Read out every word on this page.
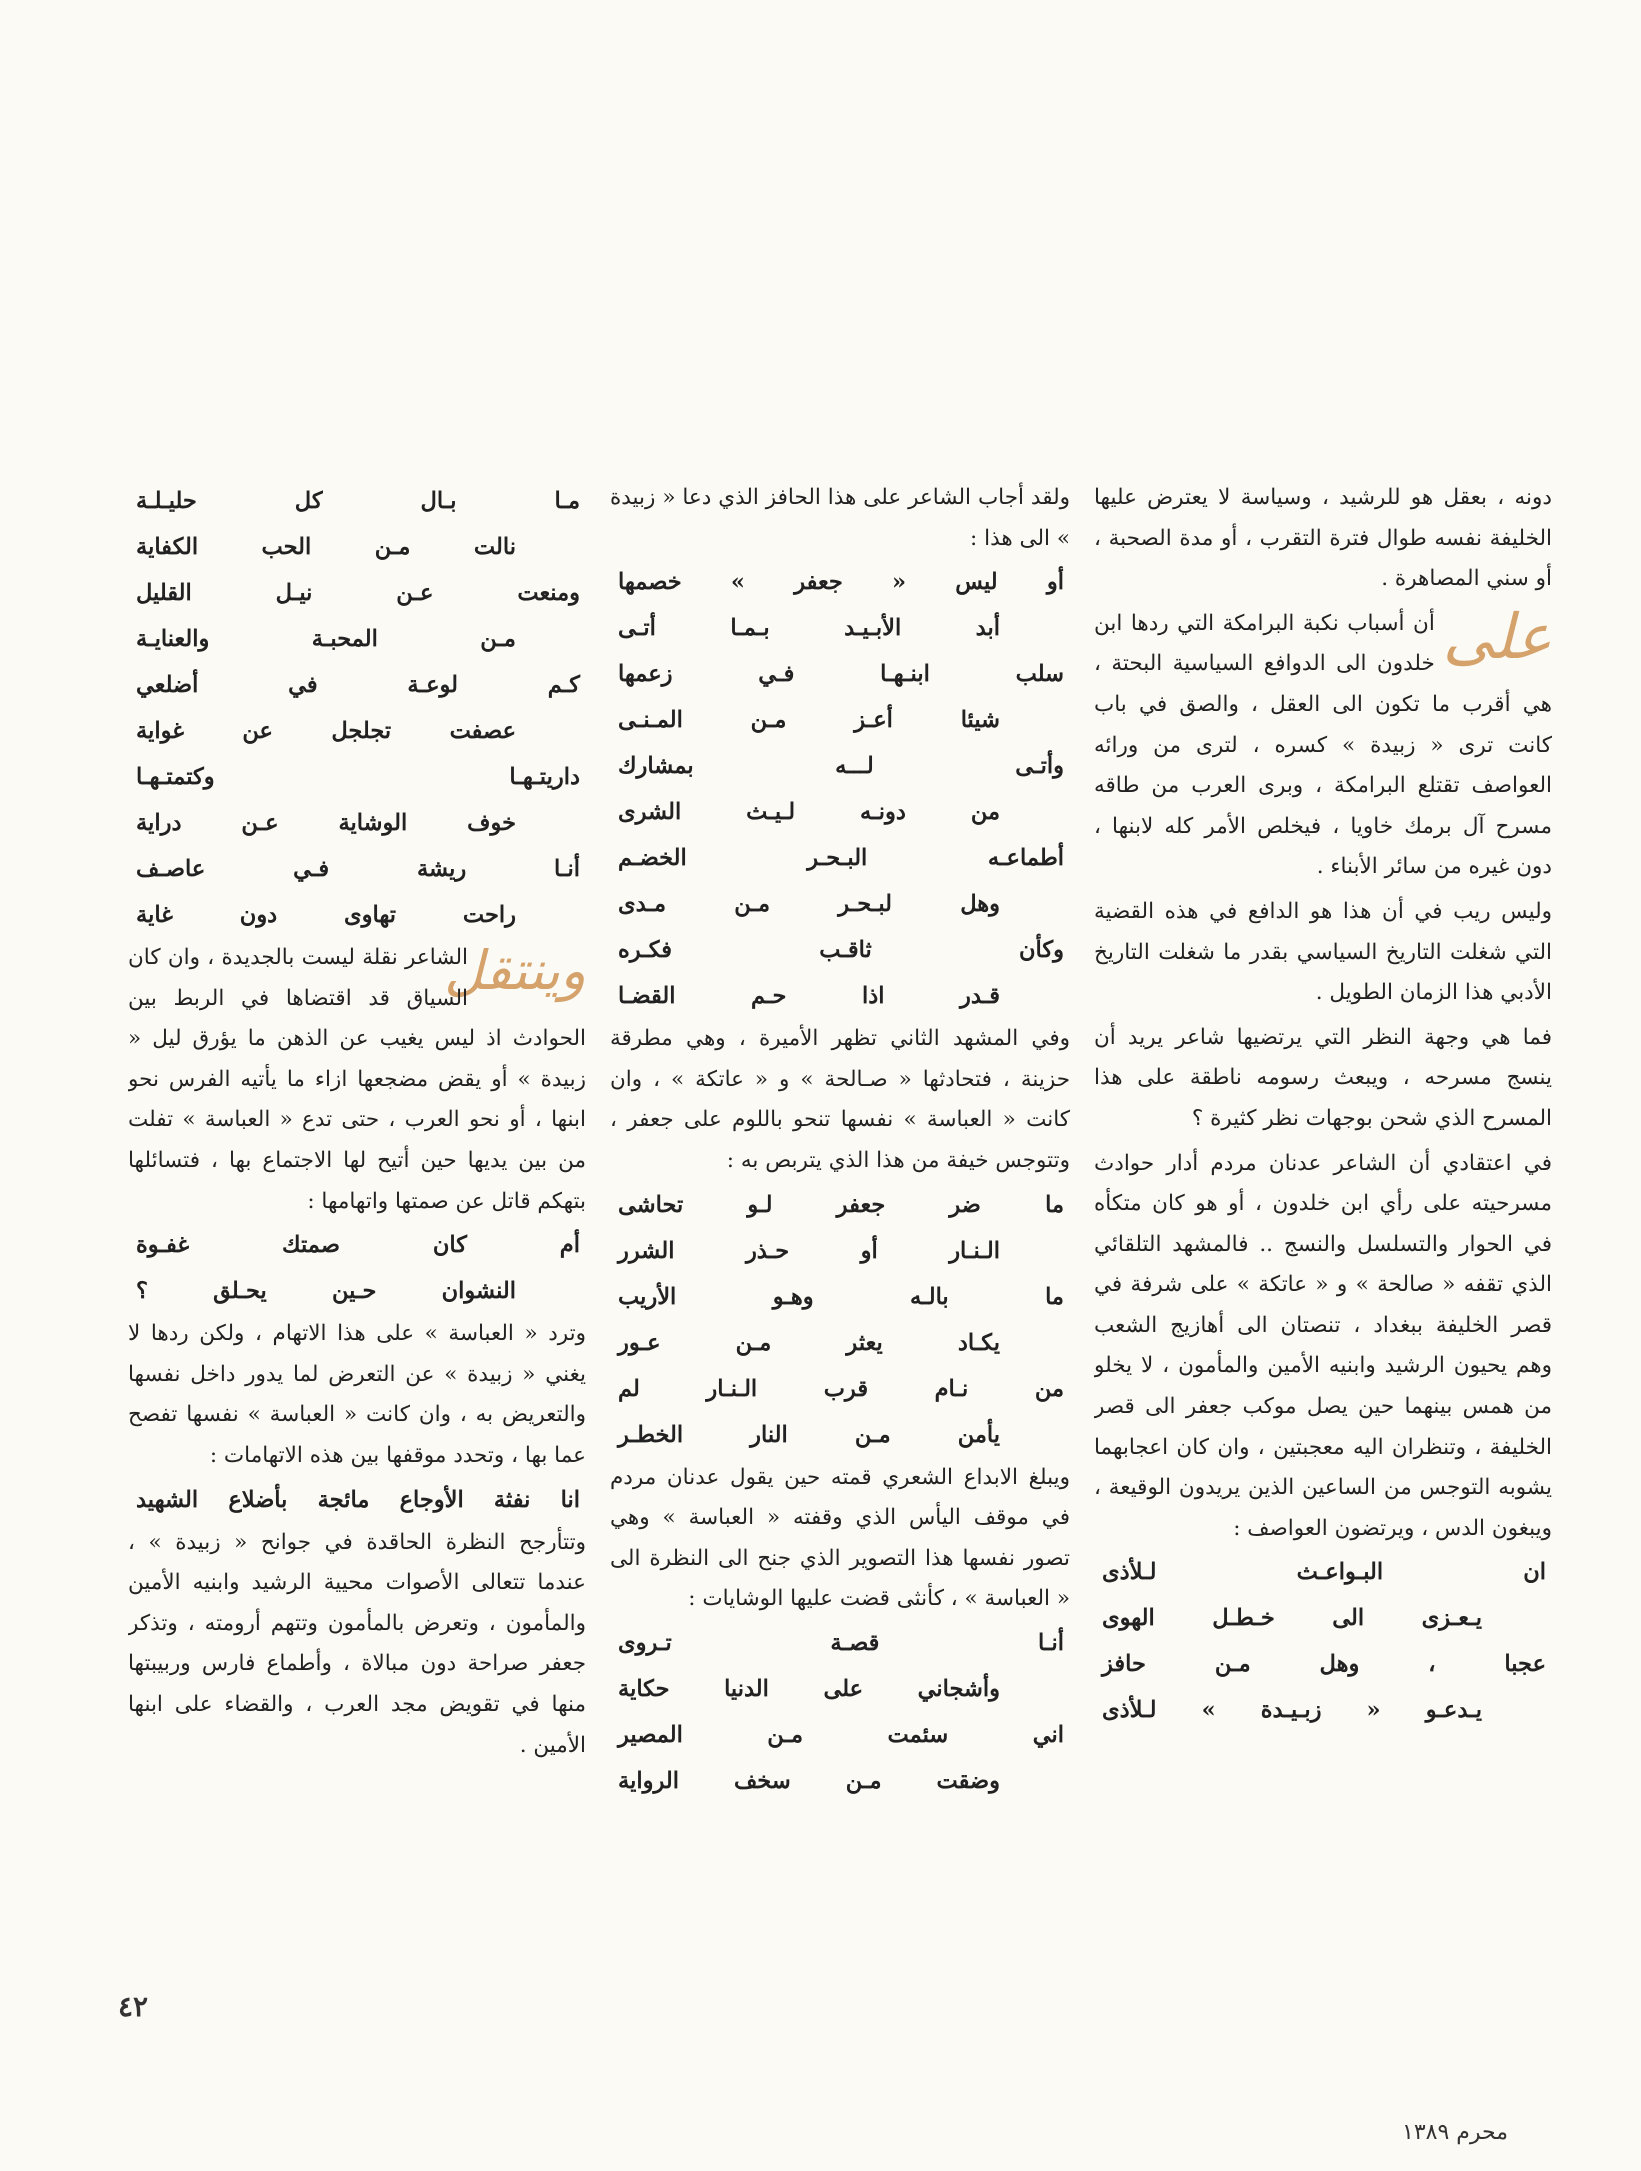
دونه ، بعقل هو للرشيد ، وسياسة لا يعترض عليها الخليفة نفسه طوال فترة التقرب ، أو مدة الصحبة ، أو سني المصاهرة .

على
أن أسباب نكبة البرامكة التي ردها ابن خلدون الى الدوافع السياسية البحتة ، هي أقرب ما تكون الى العقل ، والصق في باب كانت ترى « زبيدة » كسره ، لترى من ورائه العواصف تقتلع البرامكة ، وبرى العرب من طاقه مسرح آل برمك خاويا ، فيخلص الأمر كله لابنها ، دون غيره من سائر الأبناء .

وليس ريب في أن هذا هو الدافع في هذه القضية التي شغلت التاريخ السياسي بقدر ما شغلت التاريخ الأدبي هذا الزمان الطويل .

فما هي وجهة النظر التي يرتضيها شاعر يريد أن ينسج مسرحه ، ويبعث رسومه ناطقة على هذا المسرح الذي شحن بوجهات نظر كثيرة ؟

في اعتقادي أن الشاعر عدنان مردم أدار حوادث مسرحيته على رأي ابن خلدون ، أو هو كان متكأه في الحوار والتسلسل والنسج .. فالمشهد التلقائي الذي تقفه « صالحة » و « عاتكة » على شرفة في قصر الخليفة ببغداد ، تنصتان الى أهازيج الشعب وهم يحيون الرشيد وابنيه الأمين والمأمون ، لا يخلو من همس بينهما حين يصل موكب جعفر الى قصر الخليفة ، وتنظران اليه معجبتين ، وان كان اعجابهما يشوبه التوجس من الساعين الذين يريدون الوقيعة ، ويبغون الدس ، ويرتضون العواصف :

ان البـواعـث لـلأذى

يـعـزى الى خـطـل الهوى

عجبا ، وهل مـن حافز

يـدعـو « زبـيـدة » لـلأذى

ولقد أجاب الشاعر على هذا الحافز الذي دعا « زبيدة » الى هذا :

أو ليس « جعفر » خصمها

أبد الأبـيـد بـمـا أتـى

سلب ابنـهـا فـي زعمها

شيئا أعـز مـن المـنـى

وأتـى لـــه بمشارك

من دونـه لـيـث الشرى

أطماعـه البـحـر الخضـم

وهل لبـحـر مـن مـدى

وكأن ثاقـب فكـره

قـدر اذا حـم القضـا

وفي المشهد الثاني تظهر الأميرة ، وهي مطرقة حزينة ، فتحادثها « صـالحة » و « عاتكة » ، وان كانت « العباسة » نفسها تنحو باللوم على جعفر ، وتتوجس خيفة من هذا الذي يتربص به :

ما ضر جعفر لـو تحاشى

الـنـار أو حـذر الشرر

ما بالـه وهـو الأريب

يكـاد يعثر مـن عـور

من نـام قرب الـنـار لم

يأمن مـن النار الخطـر

ويبلغ الابداع الشعري قمته حين يقول عدنان مردم في موقف اليأس الذي وقفته « العباسة » وهي تصور نفسها هذا التصوير الذي جنح الى النظرة الى « العباسة » ، كأنثى قضت عليها الوشايات :

أنـا قصـة تـروى

وأشجاني على الدنيا حكاية

اني سئمت مـن المصير

وضقت مـن سخف الرواية

مـا بـال كل حليـلـة

نالت مـن الحب الكفاية

ومنعت عـن نيـل القليل

مـن المحبـة والعنايـة

كـم لوعـة في أضلعي

عصفت تجلجل عن غواية

داريتـهـا وكتمتـهـا

خوف الوشاية عـن دراية

أنـا ريشة فـي عاصـف

راحت تهاوى دون غاية

وينتقل
الشاعر نقلة ليست بالجديدة ، وان كان السياق قد اقتضاها في الربط بين الحوادث اذ ليس يغيب عن الذهن ما يؤرق ليل « زبيدة » أو يقض مضجعها ازاء ما يأتيه الفرس نحو ابنها ، أو نحو العرب ، حتى تدع « العباسة » تفلت من بين يديها حين أتيح لها الاجتماع بها ، فتسائلها بتهكم قاتل عن صمتها واتهامها :

أم كان صمتك غفـوة

النشوان حـين يحـلق ؟

وترد « العباسة » على هذا الاتهام ، ولكن ردها لا يغني « زبيدة » عن التعرض لما يدور داخل نفسها والتعريض به ، وان كانت « العباسة » نفسها تفصح عما بها ، وتحدد موقفها بين هذه الاتهامات :

انا نفثة الأوجاع مائجة بأضلاع الشهيد

وتتأرجح النظرة الحاقدة في جوانح « زبيدة » ، عندما تتعالى الأصوات محيية الرشيد وابنيه الأمين والمأمون ، وتعرض بالمأمون وتتهم أرومته ، وتذكر جعفر صراحة دون مبالاة ، وأطماع فارس وربيبتها منها في تقويض مجد العرب ، والقضاء على ابنها الأمين .

٤٢
محرم ١٣٨٩
